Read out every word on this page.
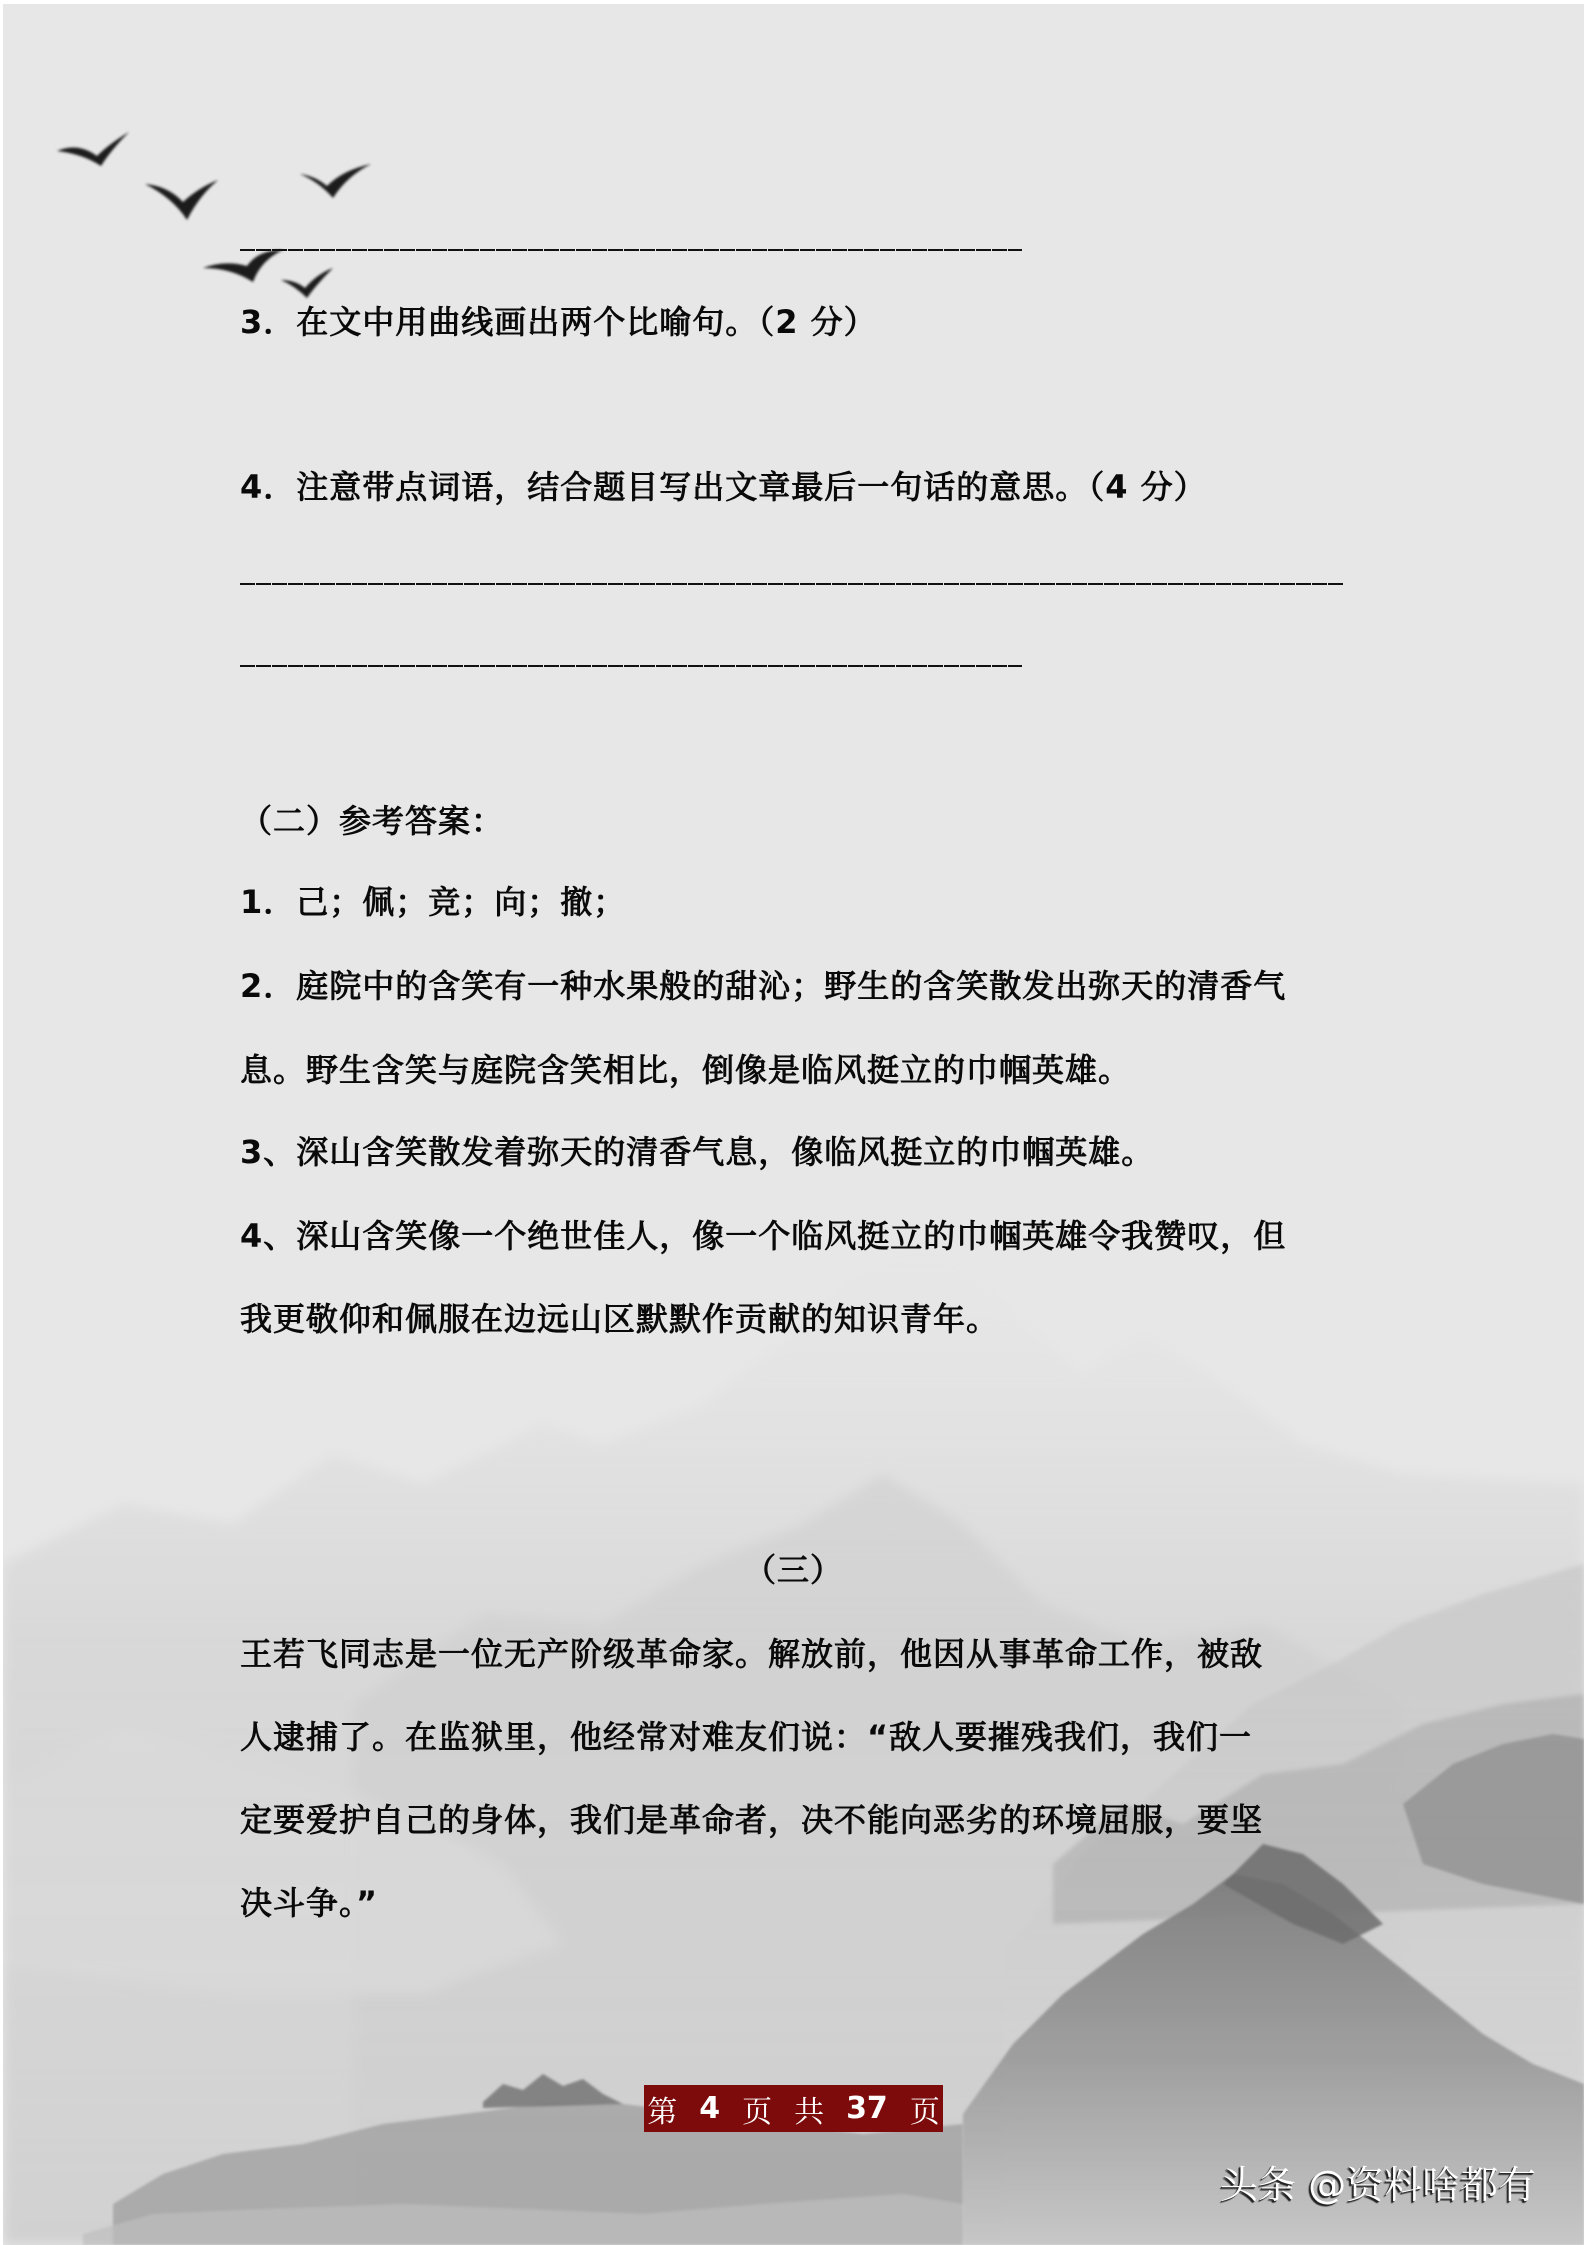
3．在文中用曲线画出两个比喻句。（2 分）
4．注意带点词语，结合题目写出文章最后一句话的意思。（4 分）
（二）参考答案：
1．己；佩；竞；向；撤；
2．庭院中的含笑有一种水果般的甜沁；野生的含笑散发出弥天的清香气
息。野生含笑与庭院含笑相比，倒像是临风挺立的巾帼英雄。
3、深山含笑散发着弥天的清香气息，像临风挺立的巾帼英雄。
4、深山含笑像一个绝世佳人，像一个临风挺立的巾帼英雄令我赞叹，但
我更敬仰和佩服在边远山区默默作贡献的知识青年。
（三）
王若飞同志是一位无产阶级革命家。解放前，他因从事革命工作，被敌
人逮捕了。在监狱里，他经常对难友们说：“敌人要摧残我们，我们一
定要爱护自己的身体，我们是革命者，决不能向恶劣的环境屈服，要坚
决斗争。”
第 4 页 共 37 页
头条 @资料啥都有
